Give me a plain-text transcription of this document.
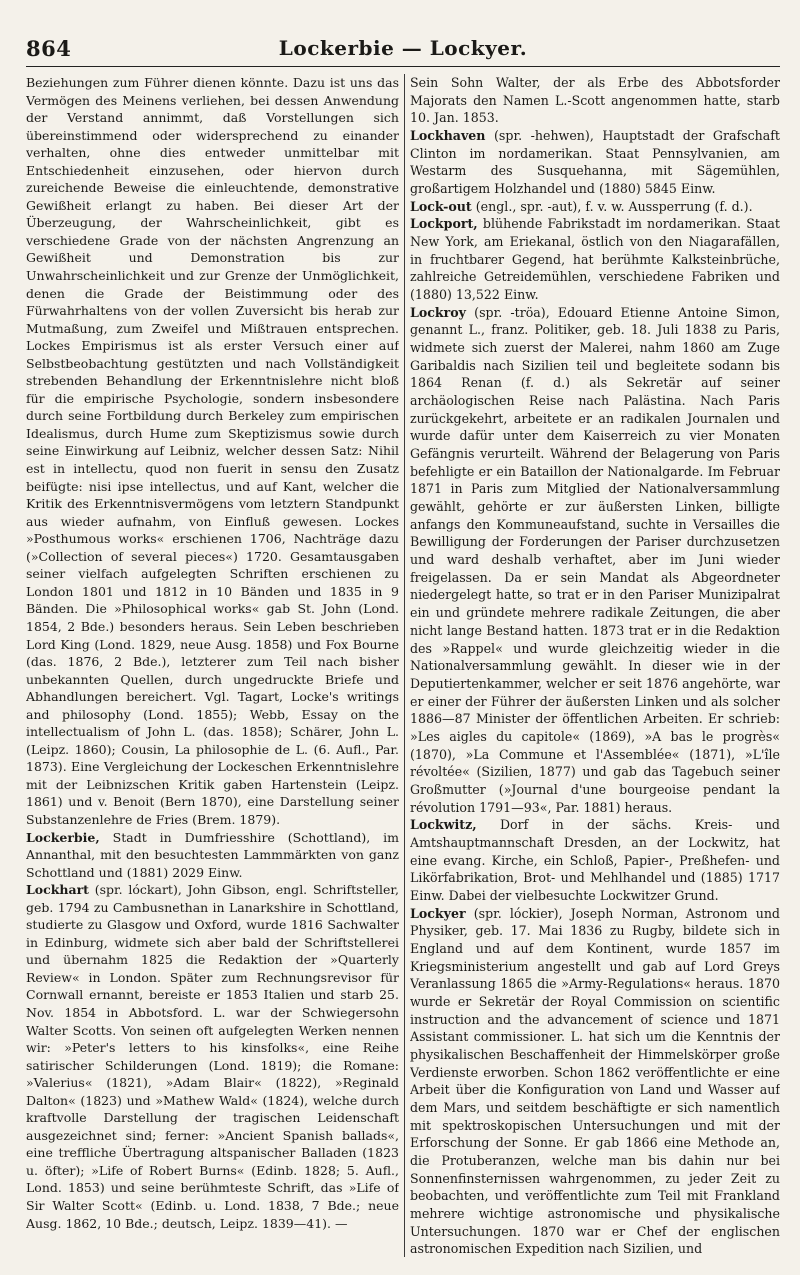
864	Lockerbie — Lockyer.

Beziehungen zum Führer dienen könnte. Dazu ist uns das Vermögen des Meinens verliehen, bei dessen Anwendung der Verstand annimmt, daß Vorstellungen sich übereinstimmend oder widersprechend zu einander verhalten, ohne dies entweder unmittelbar mit Entschiedenheit einzusehen, oder hiervon durch zureichende Beweise die einleuchtende, demonstrative Gewißheit erlangt zu haben. Bei dieser Art der Überzeugung, der Wahrscheinlichkeit, gibt es verschiedene Grade von der nächsten Angrenzung an Gewißheit und Demonstration bis zur Unwahrscheinlichkeit und zur Grenze der Unmöglichkeit, denen die Grade der Beistimmung oder des Fürwahrhaltens von der vollen Zuversicht bis herab zur Mutmaßung, zum Zweifel und Mißtrauen entsprechen. Lockes Empirismus ist als erster Versuch einer auf Selbstbeobachtung gestützten und nach Vollständigkeit strebenden Behandlung der Erkenntnislehre nicht bloß für die empirische Psychologie, sondern insbesondere durch seine Fortbildung durch Berkeley zum empirischen Idealismus, durch Hume zum Skeptizismus sowie durch seine Einwirkung auf Leibniz, welcher dessen Satz: Nihil est in intellectu, quod non fuerit in sensu den Zusatz beifügte: nisi ipse intellectus, und auf Kant, welcher die Kritik des Erkenntnisvermögens vom letztern Standpunkt aus wieder aufnahm, von Einfluß gewesen. Lockes »Posthumous works« erschienen 1706, Nachträge dazu (»Collection of several pieces«) 1720. Gesamtausgaben seiner vielfach aufgelegten Schriften erschienen zu London 1801 und 1812 in 10 Bänden und 1835 in 9 Bänden. Die »Philosophical works« gab St. John (Lond. 1854, 2 Bde.) besonders heraus. Sein Leben beschrieben Lord King (Lond. 1829, neue Ausg. 1858) und Fox Bourne (das. 1876, 2 Bde.), letzterer zum Teil nach bisher unbekannten Quellen, durch ungedruckte Briefe und Abhandlungen bereichert. Vgl. Tagart, Locke's writings and philosophy (Lond. 1855); Webb, Essay on the intellectualism of John L. (das. 1858); Schärer, John L. (Leipz. 1860); Cousin, La philosophie de L. (6. Aufl., Par. 1873). Eine Vergleichung der Lockeschen Erkenntnislehre mit der Leibnizschen Kritik gaben Hartenstein (Leipz. 1861) und v. Benoit (Bern 1870), eine Darstellung seiner Substanzenlehre de Fries (Brem. 1879).

Lockerbie, Stadt in Dumfriesshire (Schottland), im Annanthal, mit den besuchtesten Lammmärkten von ganz Schottland und (1881) 2029 Einw.

Lockhart (spr. lóckart), John Gibson, engl. Schriftsteller, geb. 1794 zu Cambusnethan in Lanarkshire in Schottland, studierte zu Glasgow und Oxford, wurde 1816 Sachwalter in Edinburg, widmete sich aber bald der Schriftstellerei und übernahm 1825 die Redaktion der »Quarterly Review« in London. Später zum Rechnungsrevisor für Cornwall ernannt, bereiste er 1853 Italien und starb 25. Nov. 1854 in Abbotsford. L. war der Schwiegersohn Walter Scotts. Von seinen oft aufgelegten Werken nennen wir: »Peter's letters to his kinsfolks«, eine Reihe satirischer Schilderungen (Lond. 1819); die Romane: »Valerius« (1821), »Adam Blair« (1822), »Reginald Dalton« (1823) und »Mathew Wald« (1824), welche durch kraftvolle Darstellung der tragischen Leidenschaft ausgezeichnet sind; ferner: »Ancient Spanish ballads«, eine treffliche Übertragung altspanischer Balladen (1823 u. öfter); »Life of Robert Burns« (Edinb. 1828; 5. Aufl., Lond. 1853) und seine berühmteste Schrift, das »Life of Sir Walter Scott« (Edinb. u. Lond. 1838, 7 Bde.; neue Ausg. 1862, 10 Bde.; deutsch, Leipz. 1839—41). —

Sein Sohn Walter, der als Erbe des Abbotsforder Majorats den Namen L.-Scott angenommen hatte, starb 10. Jan. 1853.

Lockhaven (spr. -hehwen), Hauptstadt der Grafschaft Clinton im nordamerikan. Staat Pennsylvanien, am Westarm des Susquehanna, mit Sägemühlen, großartigem Holzhandel und (1880) 5845 Einw.

Lock-out (engl., spr. -aut), f. v. w. Aussperrung (f. d.).

Lockport, blühende Fabrikstadt im nordamerikan. Staat New York, am Eriekanal, östlich von den Niagarafällen, in fruchtbarer Gegend, hat berühmte Kalksteinbrüche, zahlreiche Getreidemühlen, verschiedene Fabriken und (1880) 13,522 Einw.

Lockroy (spr. -tröa), Edouard Etienne Antoine Simon, genannt L., franz. Politiker, geb. 18. Juli 1838 zu Paris, widmete sich zuerst der Malerei, nahm 1860 am Zuge Garibaldis nach Sizilien teil und begleitete sodann bis 1864 Renan (f. d.) als Sekretär auf seiner archäologischen Reise nach Palästina. Nach Paris zurückgekehrt, arbeitete er an radikalen Journalen und wurde dafür unter dem Kaiserreich zu vier Monaten Gefängnis verurteilt. Während der Belagerung von Paris befehligte er ein Bataillon der Nationalgarde. Im Februar 1871 in Paris zum Mitglied der Nationalversammlung gewählt, gehörte er zur äußersten Linken, billigte anfangs den Kommuneaufstand, suchte in Versailles die Bewilligung der Forderungen der Pariser durchzusetzen und ward deshalb verhaftet, aber im Juni wieder freigelassen. Da er sein Mandat als Abgeordneter niedergelegt hatte, so trat er in den Pariser Munizipalrat ein und gründete mehrere radikale Zeitungen, die aber nicht lange Bestand hatten. 1873 trat er in die Redaktion des »Rappel« und wurde gleichzeitig wieder in die Nationalversammlung gewählt. In dieser wie in der Deputiertenkammer, welcher er seit 1876 angehörte, war er einer der Führer der äußersten Linken und als solcher 1886—87 Minister der öffentlichen Arbeiten. Er schrieb: »Les aigles du capitole« (1869), »A bas le progrès« (1870), »La Commune et l'Assemblée« (1871), »L'île révoltée« (Sizilien, 1877) und gab das Tagebuch seiner Großmutter (»Journal d'une bourgeoise pendant la révolution 1791—93«, Par. 1881) heraus.

Lockwitz, Dorf in der sächs. Kreis- und Amtshauptmannschaft Dresden, an der Lockwitz, hat eine evang. Kirche, ein Schloß, Papier-, Preßhefen- und Likörfabrikation, Brot- und Mehlhandel und (1885) 1717 Einw. Dabei der vielbesuchte Lockwitzer Grund.

Lockyer (spr. lóckier), Joseph Norman, Astronom und Physiker, geb. 17. Mai 1836 zu Rugby, bildete sich in England und auf dem Kontinent, wurde 1857 im Kriegsministerium angestellt und gab auf Lord Greys Veranlassung 1865 die »Army-Regulations« heraus. 1870 wurde er Sekretär der Royal Commission on scientific instruction and the advancement of science und 1871 Assistant commissioner. L. hat sich um die Kenntnis der physikalischen Beschaffenheit der Himmelskörper große Verdienste erworben. Schon 1862 veröffentlichte er eine Arbeit über die Konfiguration von Land und Wasser auf dem Mars, und seitdem beschäftigte er sich namentlich mit spektroskopischen Untersuchungen und mit der Erforschung der Sonne. Er gab 1866 eine Methode an, die Protuberanzen, welche man bis dahin nur bei Sonnenfinsternissen wahrgenommen, zu jeder Zeit zu beobachten, und veröffentlichte zum Teil mit Frankland mehrere wichtige astronomische und physikalische Untersuchungen. 1870 war er Chef der englischen astronomischen Expedition nach Sizilien, und
